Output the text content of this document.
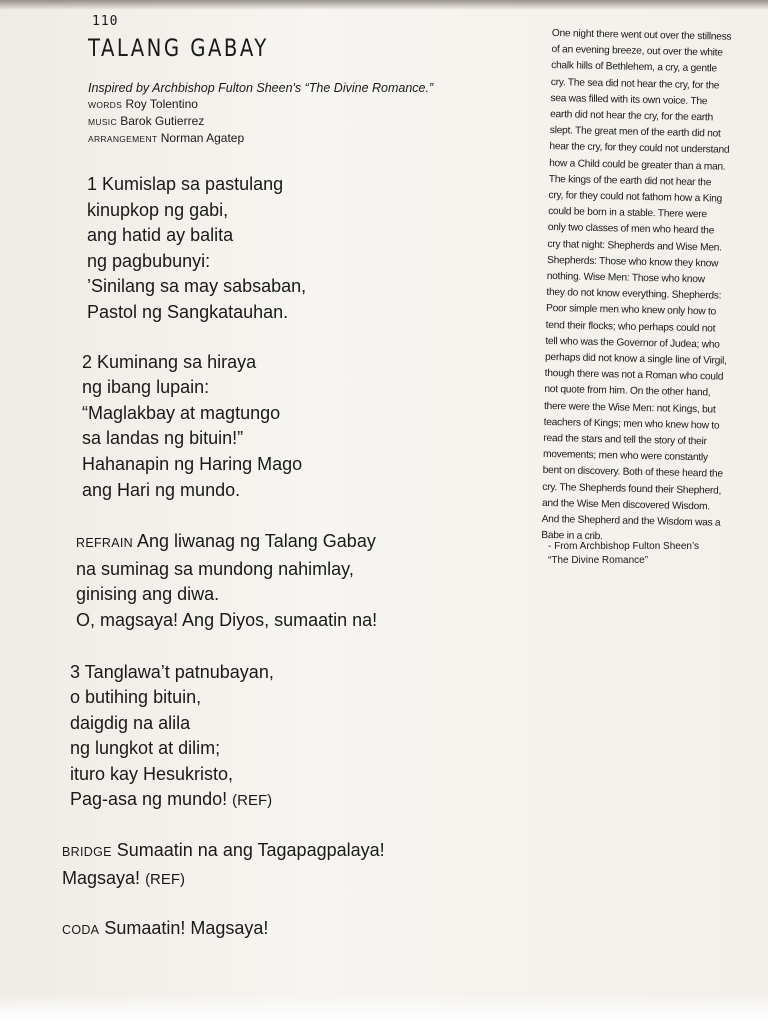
110
TALANG GABAY
Inspired by Archbishop Fulton Sheen's “The Divine Romance.”
WORDS Roy Tolentino
MUSIC Barok Gutierrez
ARRANGEMENT Norman Agatep
1 Kumislap sa pastulang
kinupkop ng gabi,
ang hatid ay balita
ng pagbubunyi:
’Sinilang sa may sabsaban,
Pastol ng Sangkatauhan.
2 Kuminang sa hiraya
ng ibang lupain:
“Maglakbay at magtungo
sa landas ng bituin!”
Hahanapin ng Haring Mago
ang Hari ng mundo.
REFRAIN Ang liwanag ng Talang Gabay
na suminag sa mundong nahimlay,
ginising ang diwa.
O, magsaya! Ang Diyos, sumaatin na!
3 Tanglawa’t patnubayan,
o butihing bituin,
daigdig na alila
ng lungkot at dilim;
ituro kay Hesukristo,
Pag-asa ng mundo! (REF)
BRIDGE Sumaatin na ang Tagapagpalaya!
Magsaya! (REF)
CODA Sumaatin! Magsaya!
One night there went out over the stillness
of an evening breeze, out over the white
chalk hills of Bethlehem, a cry, a gentle
cry. The sea did not hear the cry, for the
sea was filled with its own voice. The
earth did not hear the cry, for the earth
slept. The great men of the earth did not
hear the cry, for they could not understand
how a Child could be greater than a man.
The kings of the earth did not hear the
cry, for they could not fathom how a King
could be born in a stable. There were
only two classes of men who heard the
cry that night: Shepherds and Wise Men.
Shepherds: Those who know they know
nothing. Wise Men: Those who know
they do not know everything. Shepherds:
Poor simple men who knew only how to
tend their flocks; who perhaps could not
tell who was the Governor of Judea; who
perhaps did not know a single line of Virgil,
though there was not a Roman who could
not quote from him. On the other hand,
there were the Wise Men: not Kings, but
teachers of Kings; men who knew how to
read the stars and tell the story of their
movements; men who were constantly
bent on discovery. Both of these heard the
cry. The Shepherds found their Shepherd,
and the Wise Men discovered Wisdom.
And the Shepherd and the Wisdom was a
Babe in a crib.
- From Archbishop Fulton Sheen’s
“The Divine Romance”
